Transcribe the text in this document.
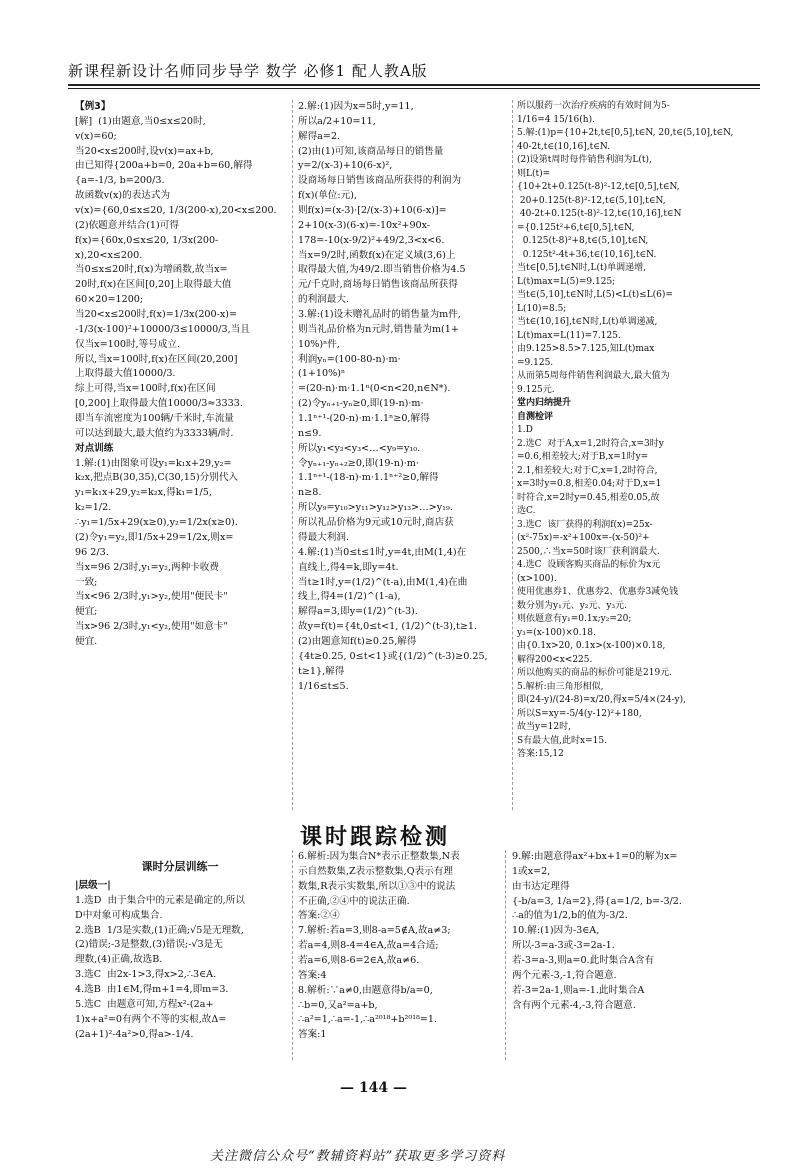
新课程新设计名师同步导学 数学 必修1 配人教A版

【例3】

[解]  (1)由题意,当0≤x≤20时,

v(x)=60;

当20<x≤200时,设v(x)=ax+b,

由已知得{200a+b=0, 20a+b=60,解得{a=-1/3, b=200/3.

故函数v(x)的表达式为

v(x)={60,0≤x≤20, 1/3(200-x),20<x≤200.

(2)依题意并结合(1)可得

f(x)={60x,0≤x≤20, 1/3x(200-x),20<x≤200.

当0≤x≤20时,f(x)为增函数,故当x=

20时,f(x)在区间[0,20]上取得最大值

60×20=1200;

当20<x≤200时,f(x)=1/3x(200-x)=

-1/3(x-100)²+10000/3≤10000/3,当且

仅当x=100时,等号成立.

所以,当x=100时,f(x)在区间(20,200]

上取得最大值10000/3.

综上可得,当x=100时,f(x)在区间

[0,200]上取得最大值10000/3≈3333.

即当车流密度为100辆/千米时,车流量

可以达到最大,最大值约为3333辆/时.

对点训练

1.解:(1)由图象可设y₁=k₁x+29,y₂=

k₂x,把点B(30,35),C(30,15)分别代入

y₁=k₁x+29,y₂=k₂x,得k₁=1/5,

k₂=1/2.

∴y₁=1/5x+29(x≥0),y₂=1/2x(x≥0).

(2)令y₁=y₂,即1/5x+29=1/2x,则x=

96 2/3.

当x=96 2/3时,y₁=y₂,两种卡收费

一致;

当x<96 2/3时,y₁>y₂,使用"便民卡"

便宜;

当x>96 2/3时,y₁<y₂,使用"如意卡"

便宜.

2.解:(1)因为x=5时,y=11,

所以a/2+10=11,

解得a=2.

(2)由(1)可知,该商品每日的销售量

y=2/(x-3)+10(6-x)²,

设商场每日销售该商品所获得的利润为

f(x)(单位:元),

则f(x)=(x-3)·[2/(x-3)+10(6-x)]=

2+10(x-3)(6-x)=-10x²+90x-

178=-10(x-9/2)²+49/2,3<x<6.

当x=9/2时,函数f(x)在定义域(3,6)上

取得最大值,为49/2.即当销售价格为4.5

元/千克时,商场每日销售该商品所获得

的利润最大.

3.解:(1)设未赠礼品时的销售量为m件,

则当礼品价格为n元时,销售量为m(1+

10%)ⁿ件,

利润yₙ=(100-80-n)·m·

(1+10%)ⁿ

=(20-n)·m·1.1ⁿ(0<n<20,n∈N*).

(2)令yₙ₊₁-yₙ≥0,即(19-n)·m·

1.1ⁿ⁺¹-(20-n)·m·1.1ⁿ≥0,解得

n≤9.

所以y₁<y₂<y₃<…<y₉=y₁₀.

令yₙ₊₁-yₙ₊₂≥0,即(19-n)·m·

1.1ⁿ⁺¹-(18-n)·m·1.1ⁿ⁺²≥0,解得

n≥8.

所以y₉=y₁₀>y₁₁>y₁₂>y₁₃>…>y₁₉.

所以礼品价格为9元或10元时,商店获

得最大利润.

4.解:(1)当0≤t≤1时,y=4t,由M(1,4)在

直线上,得4=k,即y=4t.

当t≥1时,y=(1/2)^(t-a),由M(1,4)在曲

线上,得4=(1/2)^(1-a),

解得a=3,即y=(1/2)^(t-3).

故y=f(t)={4t,0≤t<1, (1/2)^(t-3),t≥1.

(2)由题意知f(t)≥0.25,解得

{4t≥0.25, 0≤t<1}或{(1/2)^(t-3)≥0.25, t≥1},解得

1/16≤t≤5.

所以服药一次治疗疾病的有效时间为5-

1/16=4 15/16(h).

5.解:(1)p={10+2t,t∈[0,5],t∈N, 20,t∈(5,10],t∈N, 40-2t,t∈(10,16],t∈N.

(2)设第t周时每件销售利润为L(t),

则L(t)=

{10+2t+0.125(t-8)²-12,t∈[0,5],t∈N,

20+0.125(t-8)²-12,t∈(5,10],t∈N,

40-2t+0.125(t-8)²-12,t∈(10,16],t∈N

={0.125t²+6,t∈[0,5],t∈N,

0.125(t-8)²+8,t∈(5,10],t∈N,

0.125t²-4t+36,t∈(10,16],t∈N.

当t∈[0,5],t∈N时,L(t)单调递增,

L(t)max=L(5)=9.125;

当t∈(5,10],t∈N时,L(5)<L(t)≤L(6)=

L(10)=8.5;

当t∈(10,16],t∈N时,L(t)单调递减,

L(t)max=L(11)=7.125.

由9.125>8.5>7.125,知L(t)max

=9.125.

从而第5周每件销售利润最大,最大值为

9.125元.

堂内归纳提升

自测检评

1.D

2.选C  对于A,x=1,2时符合,x=3时y

=0.6,相差较大;对于B,x=1时y=

2.1,相差较大;对于C,x=1,2时符合,

x=3时y=0.8,相差0.04;对于D,x=1

时符合,x=2时y=0.45,相差0.05,故

选C.

3.选C  该厂获得的利润f(x)=25x-

(x²-75x)=-x²+100x=-(x-50)²+

2500,∴当x=50时该厂获利润最大.

4.选C  设顾客购买商品的标价为x元

(x>100).

使用优惠券1、优惠券2、优惠券3减免钱

数分别为y₁元、y₂元、y₃元.

则依题意有y₁=0.1x;y₂=20;

y₃=(x-100)×0.18.

由{0.1x>20, 0.1x>(x-100)×0.18,

解得200<x<225.

所以他购买的商品的标价可能是219元.

5.解析:由三角形相似,

即(24-y)/(24-8)=x/20,得x=5/4×(24-y),

所以S=xy=-5/4(y-12)²+180,

故当y=12时,

S有最大值,此时x=15.

答案:15,12

课时跟踪检测

课时分层训练一

|层级一|

1.选D  由于集合中的元素是确定的,所以

D中对象可构成集合.

2.选B  1/3是实数,(1)正确;√5是无理数,

(2)错误;-3是整数,(3)错误;-√3是无

理数,(4)正确,故选B.

3.选C  由2x-1>3,得x>2,∴3∈A.

4.选B  由1∈M,得m+1=4,即m=3.

5.选C  由题意可知,方程x²-(2a+

1)x+a²=0有两个不等的实根,故Δ=

(2a+1)²-4a²>0,得a>-1/4.

6.解析:因为集合N*表示正整数集,N表

示自然数集,Z表示整数集,Q表示有理

数集,R表示实数集,所以①③中的说法

不正确,②④中的说法正确.

答案:②④

7.解析:若a=3,则8-a=5∉A,故a≠3;

若a=4,则8-4=4∈A,故a=4合适;

若a=6,则8-6=2∈A,故a≠6.

答案:4

8.解析:∵a≠0,由题意得b/a=0,

∴b=0,又a²=a+b,

∴a²=1,∴a=-1,∴a²⁰¹⁸+b²⁰¹⁸=1.

答案:1

9.解:由题意得ax²+bx+1=0的解为x=

1或x=2,

由韦达定理得

{-b/a=3, 1/a=2},得{a=1/2, b=-3/2.

∴a的值为1/2,b的值为-3/2.

10.解:(1)因为-3∈A,

所以-3=a-3或-3=2a-1.

若-3=a-3,则a=0.此时集合A含有

两个元素-3,-1,符合题意.

若-3=2a-1,则a=-1.此时集合A

含有两个元素-4,-3,符合题意.

— 144 —
关注微信公众号“教辅资料站”获取更多学习资料
